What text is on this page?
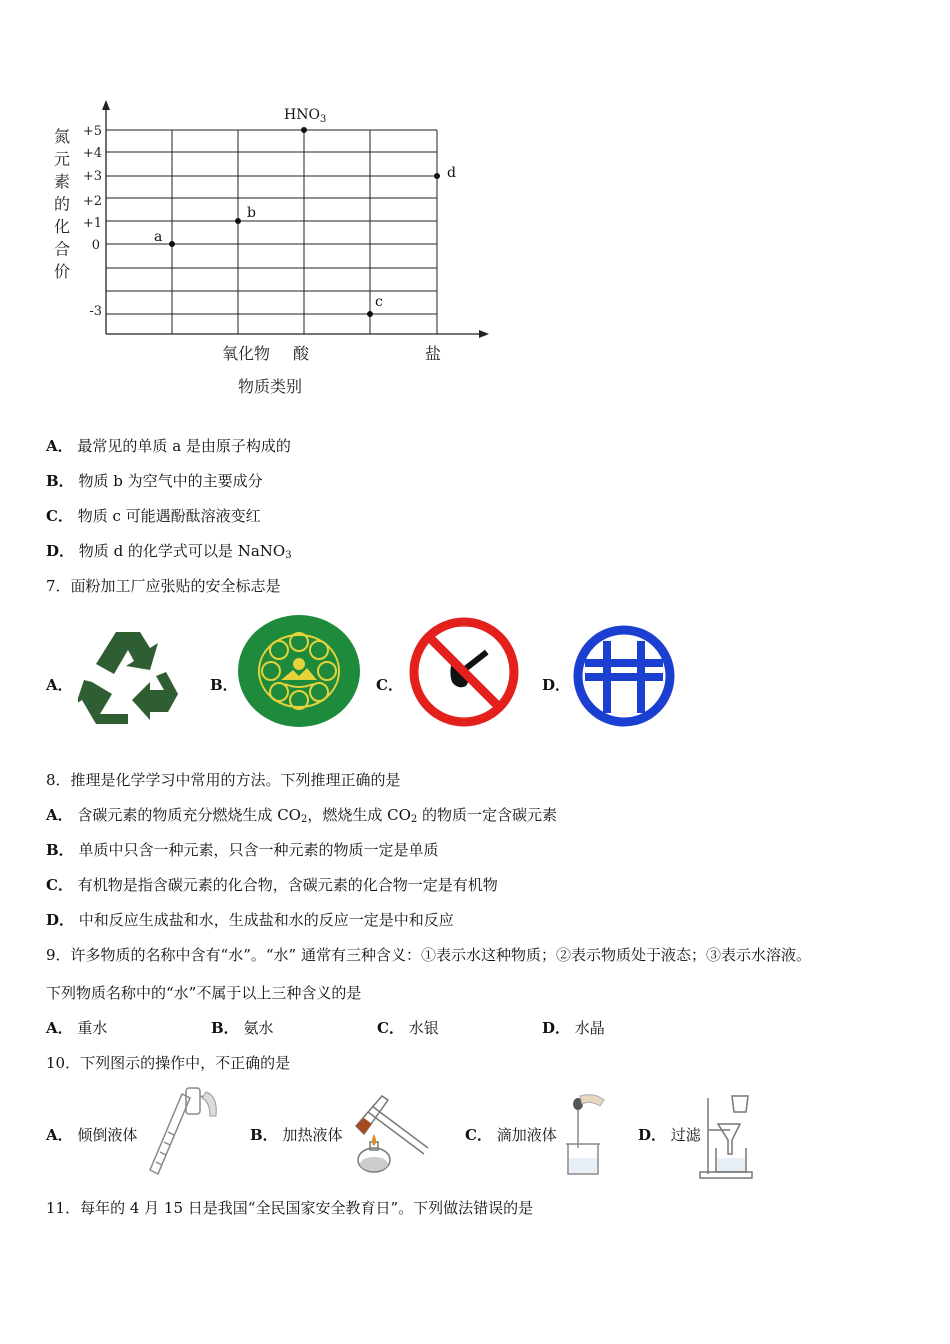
氮元素的化合价
+5
+4
+3
+2
+1
0
-3
氧化物 酸	盐
物质类别
a
b
$HNO_3$
c
d
A． 最常见的单质 a 是由原子构成的
B． 物质 b 为空气中的主要成分
C． 物质 c 可能遇酚酞溶液变红
D． 物质 d 的化学式可以是 NaNO$_3$
7．面粉加工厂应张贴的安全标志是
A．	B．	C．	D．
8．推理是化学学习中常用的方法。下列推理正确的是
A． 含碳元素的物质充分燃烧生成 $CO_2$，燃烧生成 $CO_2$ 的物质一定含碳元素
B． 单质中只含一种元素，只含一种元素的物质一定是单质
C． 有机物是指含碳元素的化合物，含碳元素的化合物一定是有机物
D． 中和反应生成盐和水，生成盐和水的反应一定是中和反应
9．许多物质的名称中含有“水”。“水” 通常有三种含义：①表示水这种物质；②表示物质处于液态；③表示水溶液。
下列物质名称中的“水”不属于以上三种含义的是
A． 重水	B． 氨水	C． 水银	D． 水晶
10．下列图示的操作中，不正确的是
A． 倾倒液体	B． 加热液体	C． 滴加液体	D． 过滤
11．每年的 4 月 15 日是我国“全民国家安全教育日”。下列做法错误的是
